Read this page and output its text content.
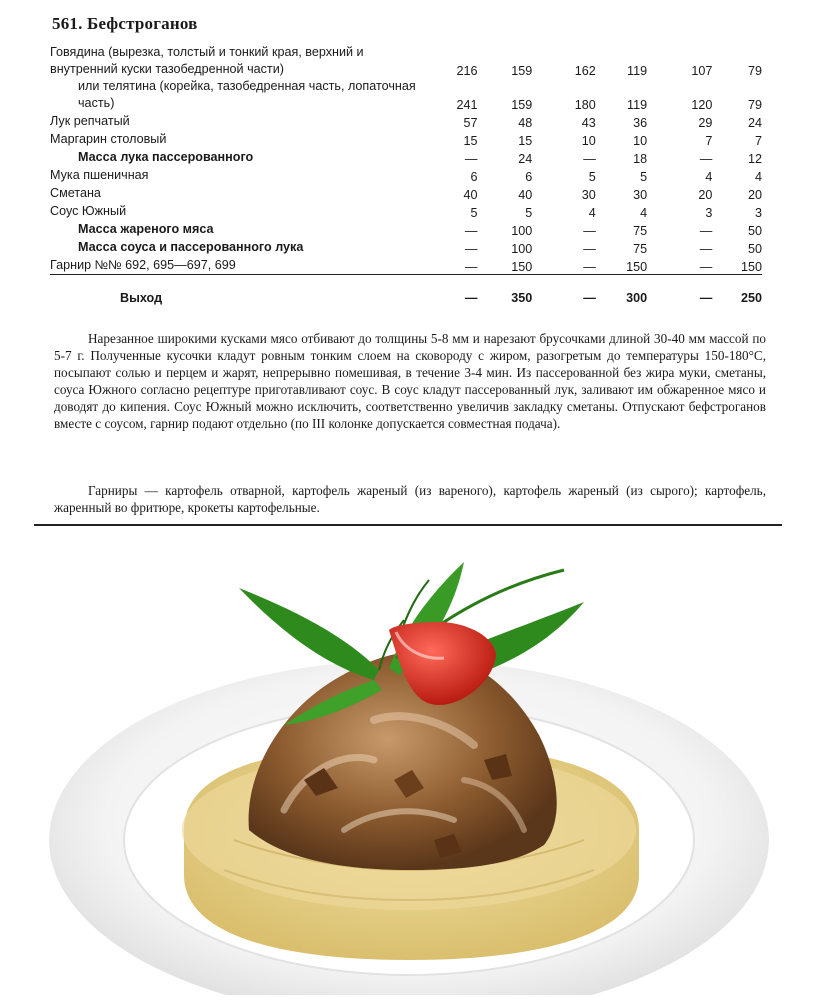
561. Бефстроганов
Говядина (вырезка, толстый и тонкий края, верхний и внутренний куски тазобедренной части)	216	159	162	119	107	79
или телятина (корейка, тазобедренная часть, лопаточная часть)	241	159	180	119	120	79
Лук репчатый	57	48	43	36	29	24
Маргарин столовый	15	15	10	10	7	7
Масса лука пассерованного	—	24	—	18	—	12
Мука пшеничная	6	6	5	5	4	4
Сметана	40	40	30	30	20	20
Соус Южный	5	5	4	4	3	3
Масса жареного мяса	—	100	—	75	—	50
Масса соуса и пассерованного лука	—	100	—	75	—	50
Гарнир №№ 692, 695—697, 699	—	150	—	150	—	150
Выход	—	350	—	300	—	250

Нарезанное широкими кусками мясо отбивают до толщины 5-8 мм и нарезают брусочками длиной 30-40 мм массой по 5-7 г. Полученные кусочки кладут ровным тонким слоем на сковороду с жиром, разогретым до температуры 150-180°С, посыпают солью и перцем и жарят, непрерывно помешивая, в течение 3-4 мин. Из пассерованной без жира муки, сметаны, соуса Южного согласно рецептуре приготавливают соус. В соус кладут пассерованный лук, заливают им обжаренное мясо и доводят до кипения. Соус Южный можно исключить, соответственно увеличив закладку сметаны. Отпускают бефстроганов вместе с соусом, гарнир подают отдельно (по III колонке допускается совместная подача).

Гарниры — картофель отварной, картофель жареный (из вареного), картофель жареный (из сырого); картофель, жаренный во фритюре, крокеты картофельные.
